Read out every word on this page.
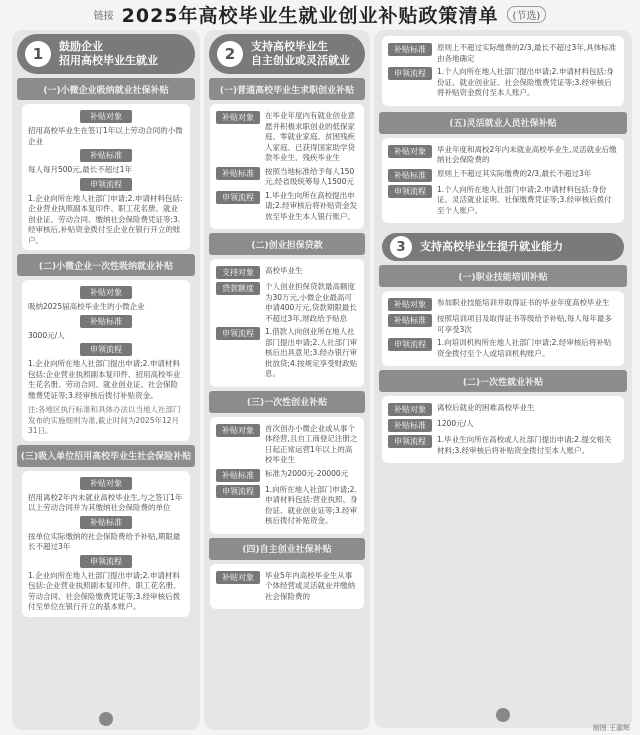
链接 2025年高校毕业生就业创业补贴政策清单	(节选)
1	鼓励企业
招用高校毕业生就业
(一)小微企业吸纳就业社保补贴
补贴对象
招用高校毕业生在签订1年以上劳动合同的小微企业
补贴标准
每人每月500元,最长不超过1年
申领流程
1.企业向所在地人社部门申请;2.申请材料包括:企业营业执照副本复印件、职工花名册、就业创业证、劳动合同、缴纳社会保险费凭证等;3.经审核后,补贴资金拨付至企业在银行开立的账户。
(二)小微企业一次性吸纳就业补贴
补贴对象
吸纳2025届高校毕业生的小微企业
补贴标准
3000元/人
申领流程
1.企业向所在地人社部门提出申请;2.申请材料包括:企业营业执照副本复印件、招用高校毕业生花名册、劳动合同、就业创业证、社会保险缴费凭证等;3.经审核后拨付补贴资金。
注:各地区执行标准和具体办法以当地人社部门发布的实施细则为准,截止时间为2025年12月31日。
(三)吸入单位招用高校毕业生社会保险补贴
补贴对象
招用离校2年内未就业高校毕业生,与之签订1年以上劳动合同并为其缴纳社会保险费的单位
补贴标准
按单位实际缴纳的社会保险费给予补贴,期限最长不超过3年
申领流程
1.企业向所在地人社部门提出申请;2.申请材料包括:企业营业执照副本复印件、职工花名册、劳动合同、社会保险缴费凭证等;3.经审核后拨付至单位在银行开立的基本账户。
2	支持高校毕业生
自主创业或灵活就业
(一)普通高校毕业生求职创业补贴
补贴对象	在毕业年度内有就业创业意愿并积极求职创业的低保家庭、零就业家庭、贫困残疾人家庭、已获得国家助学贷款毕业生、残疾毕业生
补贴标准	按照当地标准给予每人150元,经省级统筹每人1500元
申领流程	1.毕业生向所在高校提出申请;2.经审核后将补贴资金发放至毕业生本人银行账户。
(二)创业担保贷款
支持对象	高校毕业生
贷款额度	个人创业担保贷款最高额度为30万元,小微企业最高可申请400万元,贷款期限最长不超过3年,财政给予贴息
申领流程	1.借款人向创业所在地人社部门提出申请;2.人社部门审核后出具意见;3.经办银行审批放贷;4.按规定享受财政贴息。
(三)一次性创业补贴
补贴对象	首次创办小微企业或从事个体经营,且自工商登记注册之日起正常运营1年以上的高校毕业生
补贴标准	标准为2000元-20000元
申领流程	1.向所在地人社部门申请;2.申请材料包括:营业执照、身份证、就业创业证等;3.经审核后拨付补贴资金。
(四)自主创业社保补贴
补贴对象	毕业5年内高校毕业生从事个体经营或灵活就业并缴纳社会保险费的
补贴标准	原则上不超过实际缴费的2/3,最长不超过3年,具体标准由各地确定
申领流程	1.个人向所在地人社部门提出申请;2.申请材料包括:身份证、就业创业证、社会保险缴费凭证等;3.经审核后将补贴资金拨付至本人账户。
(五)灵活就业人员社保补贴
补贴对象	毕业年度和离校2年内未就业高校毕业生,灵活就业后缴纳社会保险费的
补贴标准	原则上不超过其实际缴费的2/3,最长不超过3年
申领流程	1.个人向所在地人社部门申请;2.申请材料包括:身份证、灵活就业证明、社保缴费凭证等;3.经审核后拨付至个人账户。
3	支持高校毕业生提升就业能力
(一)职业技能培训补贴
补贴对象	参加职业技能培训并取得证书的毕业年度高校毕业生
补贴标准	按照培训项目及取得证书等级给予补贴,每人每年最多可享受3次
申领流程	1.向培训机构所在地人社部门申请;2.经审核后将补贴资金拨付至个人或培训机构账户。
(二)一次性就业补贴
补贴对象	离校后就业的困难高校毕业生
补贴标准	1200元/人
申领流程	1.毕业生向所在高校或人社部门提出申请;2.提交相关材料;3.经审核后将补贴资金拨付至本人账户。
制图 王嘉辉
